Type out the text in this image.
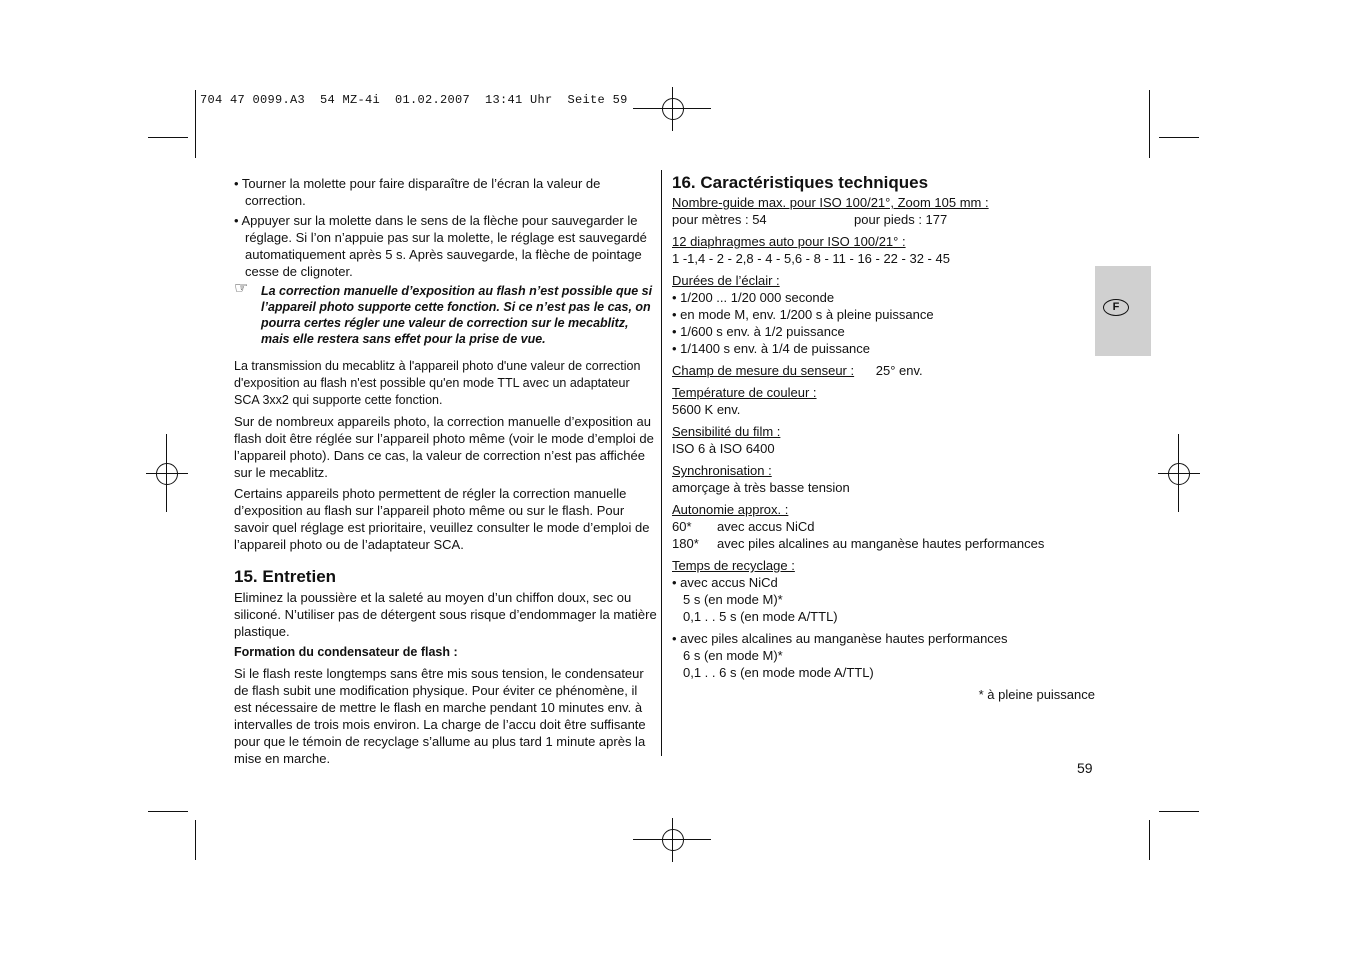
704 47 0099.A3  54 MZ-4i  01.02.2007  13:41 Uhr  Seite 59

• Tourner la molette pour faire disparaître de l’écran la valeur de correction.

• Appuyer sur la molette dans le sens de la flèche pour sauvegarder le réglage. Si l’on n’appuie pas sur la molette, le réglage est sauvegardé automatiquement après 5 s. Après sauvegarde, la flèche de pointage cesse de clignoter.

☞ La correction manuelle d’exposition au flash n’est possible que si l’appareil photo supporte cette fonction. Si ce n’est pas le cas, on pourra certes régler une valeur de correction sur le mecablitz, mais elle restera sans effet pour la prise de vue.

La transmission du mecablitz à l'appareil photo d'une valeur de correction d'exposition au flash n'est possible qu'en mode TTL avec un adaptateur SCA 3xx2 qui supporte cette fonction.

Sur de nombreux appareils photo, la correction manuelle d’exposition au flash doit être réglée sur l’appareil photo même (voir le mode d’emploi de l’appareil photo). Dans ce cas, la valeur de correction n’est pas affichée sur le mecablitz.

Certains appareils photo permettent de régler la correction manuelle d’exposition au flash sur l’appareil photo même ou sur le flash. Pour savoir quel réglage est prioritaire, veuillez consulter le mode d’emploi de l’appareil photo ou de l’adaptateur SCA.

15. Entretien

Eliminez la poussière et la saleté au moyen d’un chiffon doux, sec ou siliconé. N’utiliser pas de détergent sous risque d’endommager la matière plastique.

Formation du condensateur de flash :

Si le flash reste longtemps sans être mis sous tension, le condensateur de flash subit une modification physique. Pour éviter ce phénomène, il est nécessaire de mettre le flash en marche pendant 10 minutes env. à intervalles de trois mois environ. La charge de l’accu doit être suffisante pour que le témoin de recyclage s’allume au plus tard 1 minute après la mise en marche.

16. Caractéristiques techniques
Nombre-guide max. pour ISO 100/21°, Zoom 105 mm :
pour mètres : 54	pour pieds : 177
12 diaphragmes auto pour ISO 100/21° :
1 -1,4 - 2 - 2,8 - 4 - 5,6 - 8 - 11 - 16 - 22 - 32 - 45
Durées de l’éclair :
• 1/200 ... 1/20 000 seconde
• en mode M, env. 1/200 s à pleine puissance
• 1/600 s env. à 1/2 puissance
• 1/1400 s env. à 1/4 de puissance
Champ de mesure du senseur : 25° env.
Température de couleur :
5600 K env.
Sensibilité du film :
ISO 6 à ISO 6400
Synchronisation :
amorçage à très basse tension
Autonomie approx. :
60*	avec accus NiCd
180*	avec piles alcalines au manganèse hautes performances
Temps de recyclage :
• avec accus NiCd
5 s (en mode M)*
0,1 . . 5 s (en mode A/TTL)
• avec piles alcalines au manganèse hautes performances
6 s (en mode M)*
0,1 . . 6 s (en mode mode A/TTL)
* à pleine puissance
F
59
